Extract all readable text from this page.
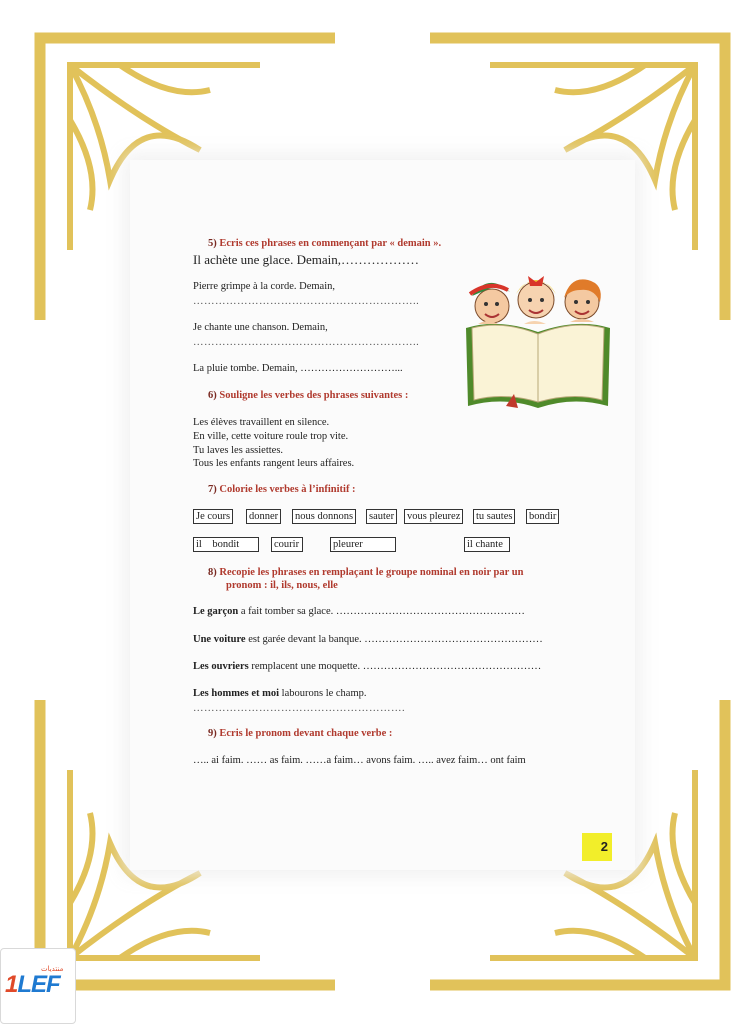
5) Ecris ces phrases en commençant par « demain ».
Il achète une glace. Demain,………………
Pierre grimpe à la corde. Demain,
……………………………………………………..
Je chante une chanson. Demain,
……………………………………………………..
La pluie tombe. Demain, ………………………...
6) Souligne les verbes des phrases suivantes :
Les élèves travaillent en silence.
En ville, cette voiture roule trop vite.
Tu laves les assiettes.
Tous les enfants rangent leurs affaires.
7) Colorie les verbes à l’infinitif :
Je cours donner nous donnons sauter vous pleurez tu sautes bondir
il    bondit	courir	pleurer	il chante
8) Recopie les phrases en remplaçant le groupe nominal en noir par un
pronom : il, ils, nous, elle
Le garçon a fait tomber sa glace. ………………………………………………
Une voiture est garée devant la banque. ……………………………………………
Les ouvriers remplacent une moquette. ……………………………………………
Les hommes et moi labourons le champ.
………………………………………………….
9) Ecris le pronom devant chaque verbe :
….. ai faim. …… as faim. ……a faim… avons faim. ….. avez faim… ont faim
2
منتديات
1LEF
